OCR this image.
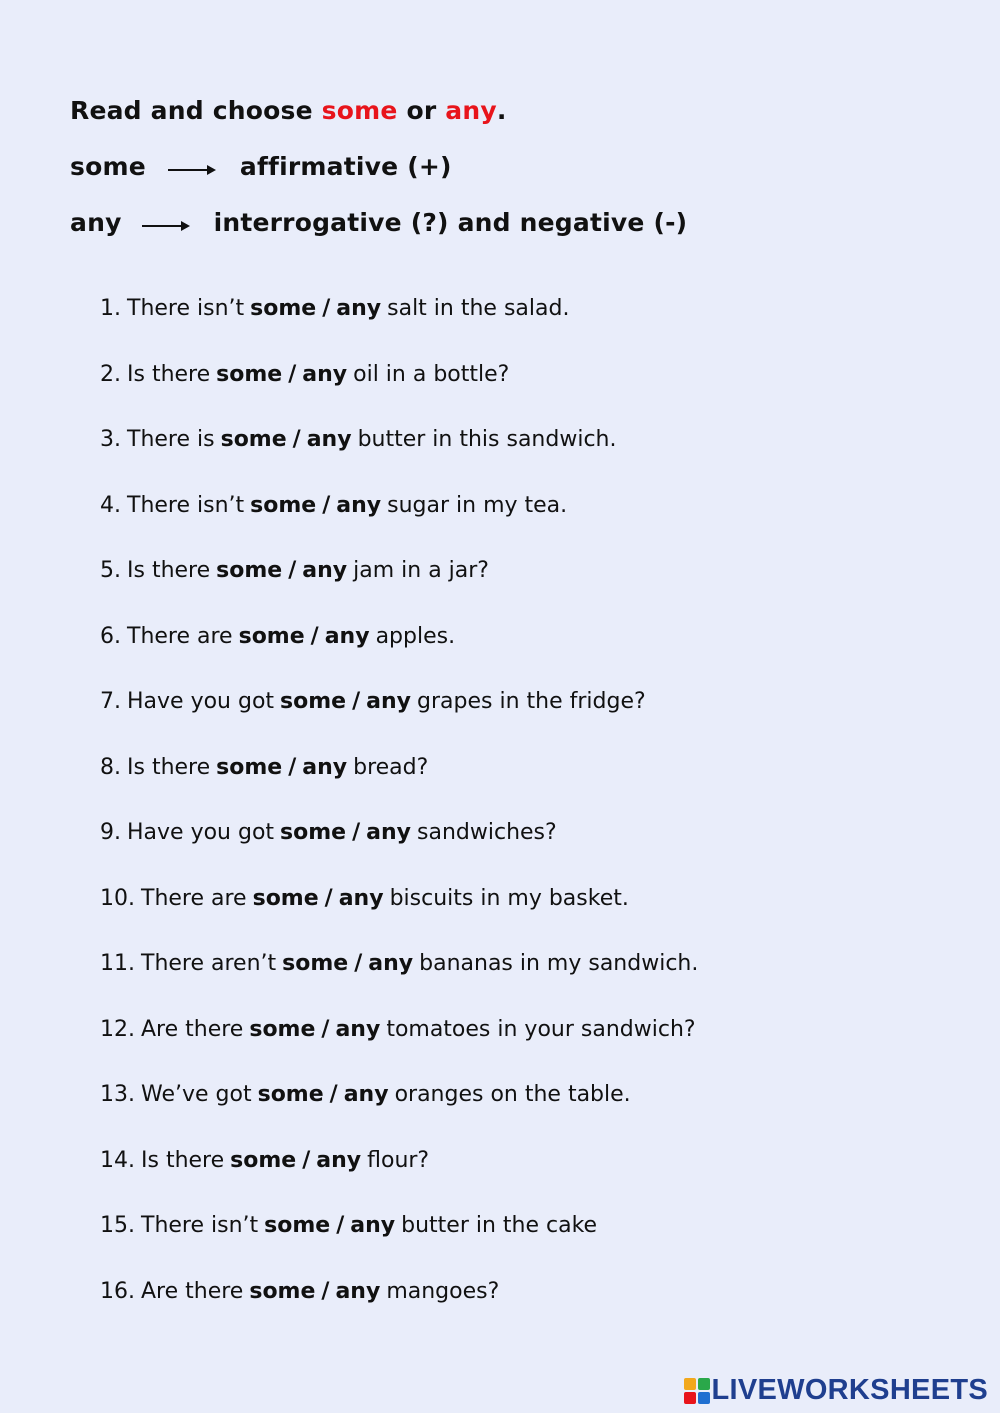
Read and choose
some
or
any .
some	affirmative (+)
any	interrogative (?) and negative (-)
1. There isn’t some / any salt in the salad.
2. Is there some / any oil in a bottle?
3. There is some / any butter in this sandwich.
4. There isn’t some / any sugar in my tea.
5. Is there some / any jam in a jar?
6. There are some / any apples.
7. Have you got some / any grapes in the fridge?
8. Is there some / any bread?
9. Have you got some / any sandwiches?
10. There are some / any biscuits in my basket.
11. There aren’t some / any bananas in my sandwich.
12. Are there some / any tomatoes in your sandwich?
13. We’ve got some / any oranges on the table.
14. Is there some / any flour?
15. There isn’t some / any butter in the cake
16. Are there some / any mangoes?
LIVEWORKSHEETS
